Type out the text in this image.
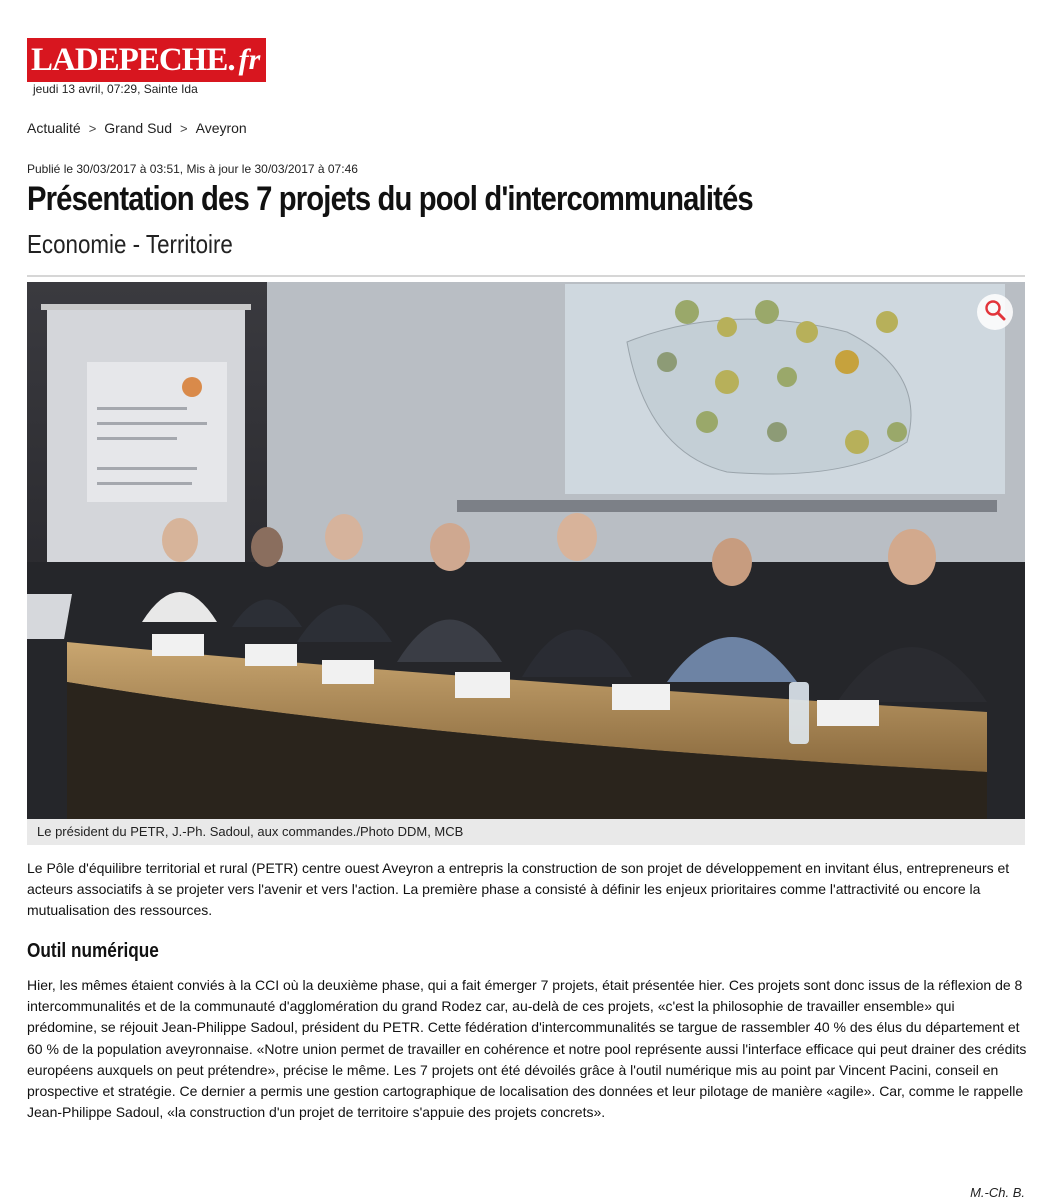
LADEPECHE. fr
jeudi 13 avril, 07:29, Sainte Ida
Actualité > Grand Sud > Aveyron
Publié le 30/03/2017 à 03:51, Mis à jour le 30/03/2017 à 07:46
Présentation des 7 projets du pool d'intercommunalités
Economie - Territoire
Le président du PETR, J.-Ph. Sadoul, aux commandes./Photo DDM, MCB

Le Pôle d'équilibre territorial et rural (PETR) centre ouest Aveyron a entrepris la construction de son projet de développement en invitant élus, entrepreneurs et acteurs associatifs à se projeter vers l'avenir et vers l'action. La première phase a consisté à définir les enjeux prioritaires comme l'attractivité ou encore la mutualisation des ressources.

Outil numérique

Hier, les mêmes étaient conviés à la CCI où la deuxième phase, qui a fait émerger 7 projets, était présentée hier. Ces projets sont donc issus de la réflexion de 8 intercommunalités et de la communauté d'agglomération du grand Rodez car, au-delà de ces projets, «c'est la philosophie de travailler ensemble» qui prédomine, se réjouit Jean-Philippe Sadoul, président du PETR. Cette fédération d'intercommunalités se targue de rassembler 40 % des élus du département et 60 % de la population aveyronnaise. «Notre union permet de travailler en cohérence et notre pool représente aussi l'interface efficace qui peut drainer des crédits européens auxquels on peut prétendre», précise le même. Les 7 projets ont été dévoilés grâce à l'outil numérique mis au point par Vincent Pacini, conseil en prospective et stratégie. Ce dernier a permis une gestion cartographique de localisation des données et leur pilotage de manière «agile». Car, comme le rappelle Jean-Philippe Sadoul, «la construction d'un projet de territoire s'appuie des projets concrets».

M.-Ch. B.
